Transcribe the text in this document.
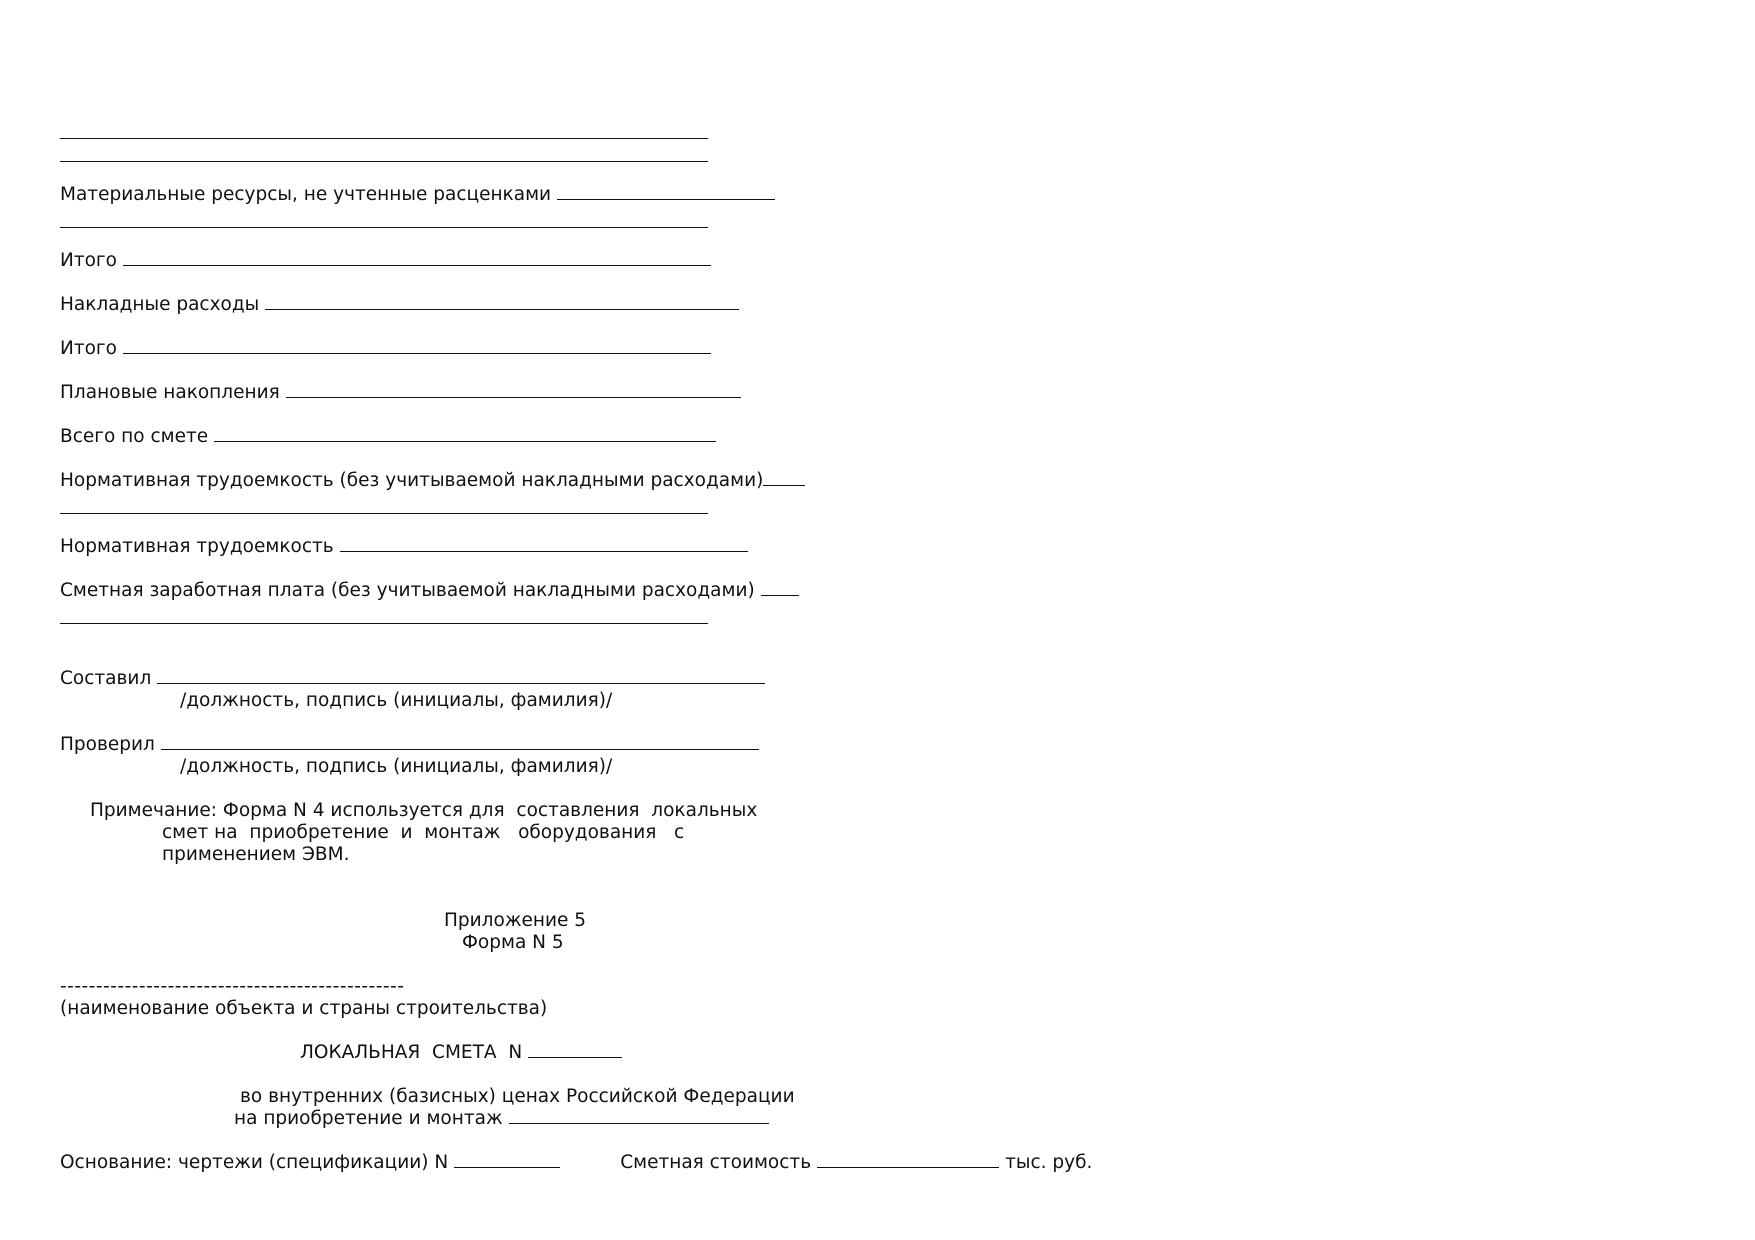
Материальные ресурсы, не учтенные расценками
Итого
Накладные расходы
Итого
Плановые накопления
Всего по смете
Нормативная трудоемкость (без учитываемой накладными расходами)
Нормативная трудоемкость
Сметная заработная плата (без учитываемой накладными расходами)
Составил
/должность, подпись (инициалы, фамилия)/
Проверил
/должность, подпись (инициалы, фамилия)/
Примечание: Форма N 4 используется для  составления  локальных
смет на  приобретение  и  монтаж   оборудования   с
применением ЭВМ.
Приложение 5
Форма N 5
------------------------------------------------
(наименование объекта и страны строительства)
ЛОКАЛЬНАЯ  СМЕТА  N
во внутренних (базисных) ценах Российской Федерации
на приобретение и монтаж
Основание: чертежи (спецификации) N	Сметная стоимость	тыс. руб.
